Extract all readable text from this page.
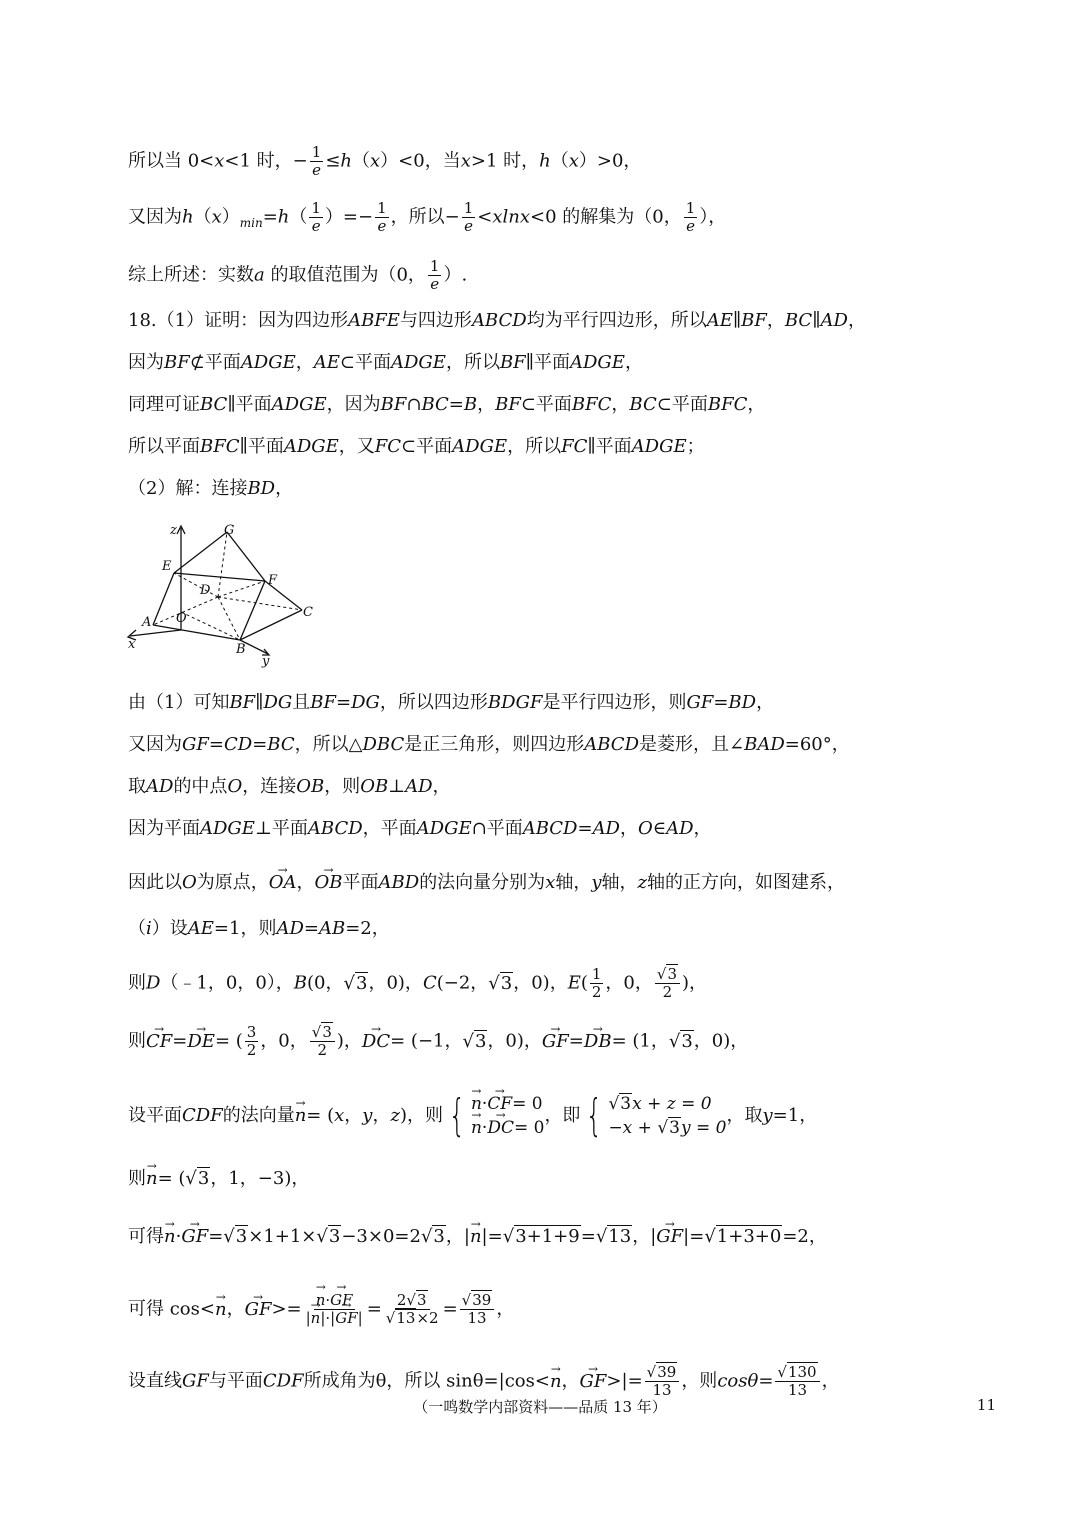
所以当 0<x<1 时，− $\frac{1}{e} \le h(x)<0$，当x>1 时，h（x）>0，
又因为$h(x)_{min}=h( \frac{1}{e}$ ）=− $\frac{1}{e}$ ，所以− $\frac{1}{e} <xlnx<0$ 的解集为（0， $\frac{1}{e}$ ），
综上所述：实数a 的取值范围为（0， $\frac{1}{e}$ ）.
18.（1）证明：因为四边形ABFE与四边形ABCD均为平行四边形，所以AE∥BF，BC∥AD，
因为BF⊄平面ADGE，AE⊂平面ADGE，所以BF∥平面ADGE，
同理可证BC∥平面ADGE，因为BF∩BC=B，BF⊂平面BFC，BC⊂平面BFC，
所以平面BFC∥平面ADGE，又FC⊂平面ADGE，所以FC∥平面ADGE；
（2）解：连接BD，
z	G
E
F
D
C
A O
x	B
y
由（1）可知BF∥DG且BF=DG，所以四边形BDGF是平行四边形，则GF=BD，
又因为GF=CD=BC，所以△DBC是正三角形，则四边形ABCD是菱形，且∠BAD=60°，
取AD的中点O，连接OB，则OB⊥AD，
因为平面ADGE⊥平面ABCD，平面ADGE∩平面ABCD=AD，O∈AD，
因此以O为原点，→ OA，→ OB平面ABD的法向量分别为x轴，y轴，z轴的正方向，如图建系，
（i）设AE=1，则AD=AB=2，
则D（﹣1，0，0），B(0，√3，0)，C(−2，√3，0)，$E( \frac{1}{2}$ ，0， $\frac{√3}{2}$ )，
则→ CF=→ DE= ( $\frac{3}{2}$ ，0， $\frac{√3}{2}$ )，→ DC= (−1，√3，0)，→ GF=→ DB= (1，√3，0)，
设平面CDF的法向量→ n= (x，y，z)，则 {
→ n·→ CF= 0
→ n·→ DC= 0
，即 { √3x + z = 0
−x + √3y = 0
，取y=1，
则→ n= (√3，1，−3)，
可得→ n·→ GF=√3×1+1×√3−3×0=2√3，|→ n|=√3+1+9=√13，|→ GF|=√1+3+0=2，
可得 cos<→ n，→ GF>=
→ $\frac{n\cdot\to GF}{|\to n|\cdot|\to GF|} = \frac{2√3}{√13\times 2} = \frac{√39}{13}$ ，
设直线GF与平面CDF所成角为θ，所以 sinθ=|cos<→ n，→ $GF>|= \frac{√39}{13}$ ，则$\cos\theta= \frac{√130}{13}$ ，
（一鸣数学内部资料——品质 13 年）	11
